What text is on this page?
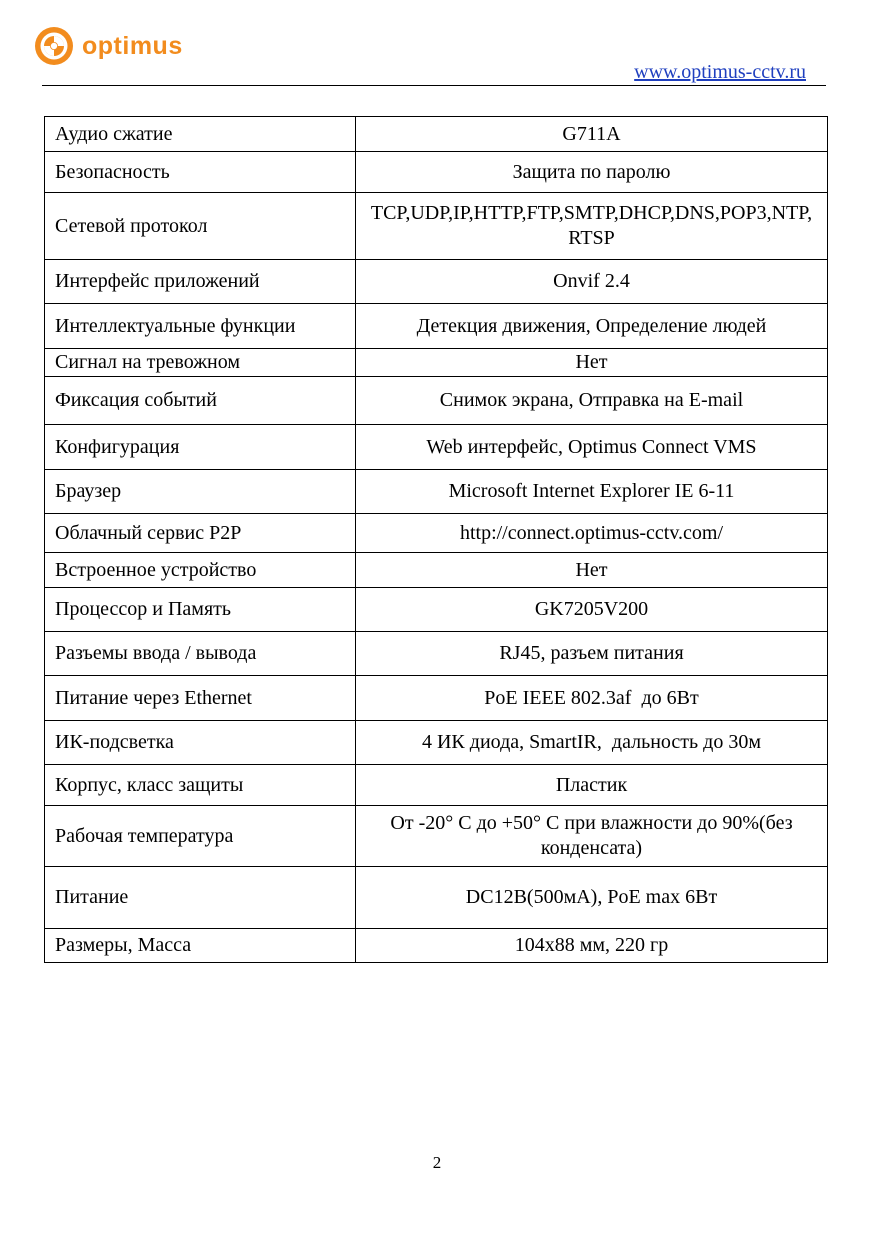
optimus
www.optimus-cctv.ru
Аудио сжатие	G711A
Безопасность	Защита по паролю
Сетевой протокол	TCP,UDP,IP,HTTP,FTP,SMTP,DHCP,DNS,POP3,NTP,RTSP
Интерфейс приложений	Onvif 2.4
Интеллектуальные функции	Детекция движения, Определение людей
Сигнал на тревожном	Нет
Фиксация событий	Снимок экрана, Отправка на E-mail
Конфигурация	Web интерфейс, Optimus Connect VMS
Браузер	Microsoft Internet Explorer IE 6-11
Облачный сервис P2P	http://connect.optimus-cctv.com/
Встроенное устройство	Нет
Процессор и Память	GK7205V200
Разъемы ввода / вывода	RJ45, разъем питания
Питание через Ethernet	PoE IEEE 802.3af  до 6Вт
ИК-подсветка	4 ИК диода, SmartIR,  дальность до 30м
Корпус, класс защиты	Пластик
Рабочая температура	От -20° С до +50° С при влажности до 90%(без конденсата)
Питание	DC12В(500мА), PoE max 6Вт
Размеры, Масса	104х88 мм, 220 гр
2
